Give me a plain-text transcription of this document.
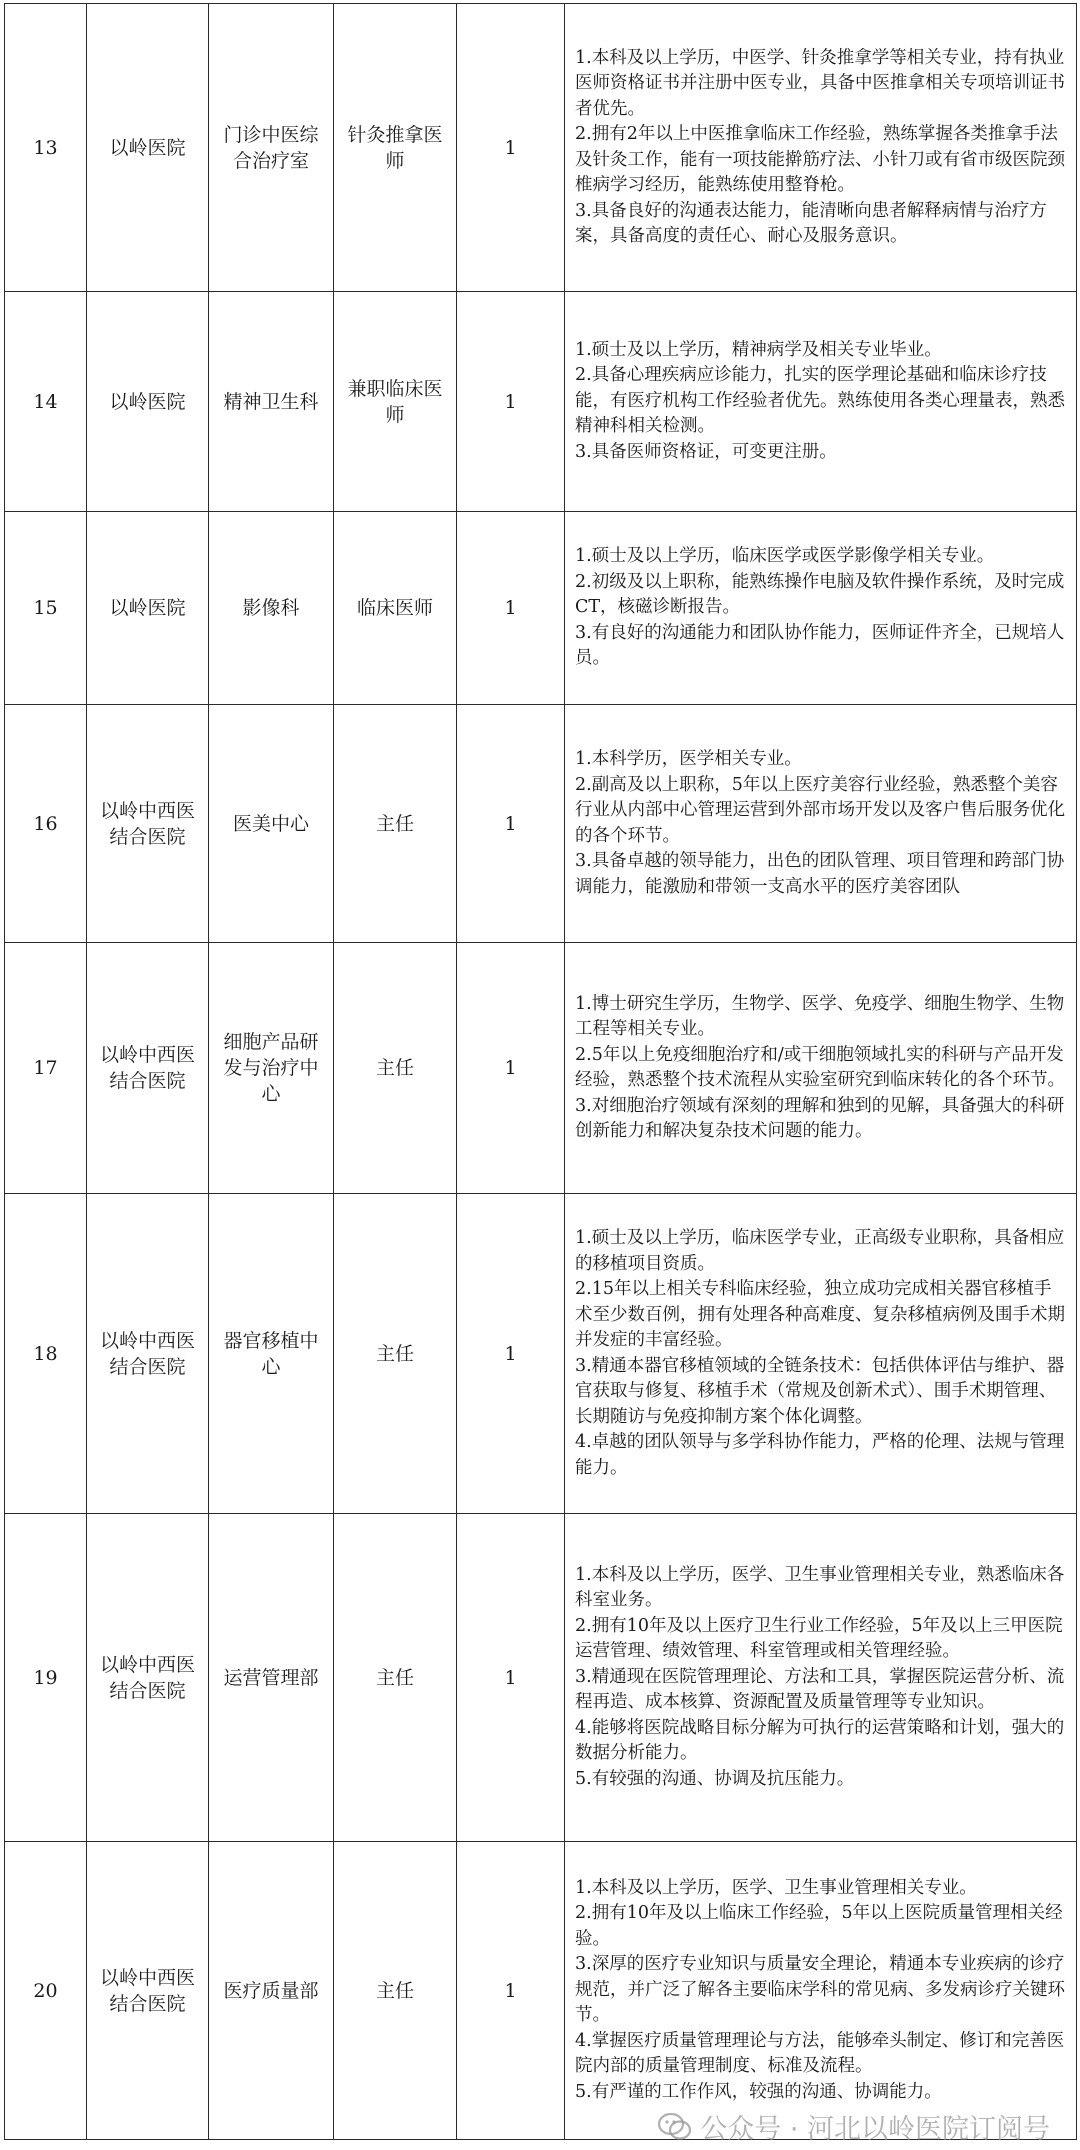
13	以岭医院	门诊中医综合治疗室	针灸推拿医师	1	1.本科及以上学历，中医学、针灸推拿学等相关专业，持有执业医师资格证书并注册中医专业，具备中医推拿相关专项培训证书者优先。
2.拥有2年以上中医推拿临床工作经验，熟练掌握各类推拿手法及针灸工作，能有一项技能擀筋疗法、小针刀或有省市级医院颈椎病学习经历，能熟练使用整脊枪。
3.具备良好的沟通表达能力，能清晰向患者解释病情与治疗方案，具备高度的责任心、耐心及服务意识。

14	以岭医院	精神卫生科	兼职临床医师	1	1.硕士及以上学历，精神病学及相关专业毕业。
2.具备心理疾病应诊能力，扎实的医学理论基础和临床诊疗技能，有医疗机构工作经验者优先。熟练使用各类心理量表，熟悉精神科相关检测。
3.具备医师资格证，可变更注册。

15	以岭医院	影像科	临床医师	1	1.硕士及以上学历，临床医学或医学影像学相关专业。
2.初级及以上职称，能熟练操作电脑及软件操作系统，及时完成CT，核磁诊断报告。
3.有良好的沟通能力和团队协作能力，医师证件齐全，已规培人员。

16	以岭中西医结合医院	医美中心	主任	1	1.本科学历，医学相关专业。
2.副高及以上职称，5年以上医疗美容行业经验，熟悉整个美容行业从内部中心管理运营到外部市场开发以及客户售后服务优化的各个环节。
3.具备卓越的领导能力，出色的团队管理、项目管理和跨部门协调能力，能激励和带领一支高水平的医疗美容团队

17	以岭中西医结合医院	细胞产品研发与治疗中心	主任	1	1.博士研究生学历，生物学、医学、免疫学、细胞生物学、生物工程等相关专业。
2.5年以上免疫细胞治疗和/或干细胞领域扎实的科研与产品开发经验，熟悉整个技术流程从实验室研究到临床转化的各个环节。
3.对细胞治疗领域有深刻的理解和独到的见解，具备强大的科研创新能力和解决复杂技术问题的能力。

18	以岭中西医结合医院	器官移植中心	主任	1	1.硕士及以上学历，临床医学专业，正高级专业职称，具备相应的移植项目资质。
2.15年以上相关专科临床经验，独立成功完成相关器官移植手术至少数百例，拥有处理各种高难度、复杂移植病例及围手术期并发症的丰富经验。
3.精通本器官移植领域的全链条技术：包括供体评估与维护、器官获取与修复、移植手术（常规及创新术式）、围手术期管理、长期随访与免疫抑制方案个体化调整。
4.卓越的团队领导与多学科协作能力，严格的伦理、法规与管理能力。

19	以岭中西医结合医院	运营管理部	主任	1	1.本科及以上学历，医学、卫生事业管理相关专业，熟悉临床各科室业务。
2.拥有10年及以上医疗卫生行业工作经验，5年及以上三甲医院运营管理、绩效管理、科室管理或相关管理经验。
3.精通现在医院管理理论、方法和工具，掌握医院运营分析、流程再造、成本核算、资源配置及质量管理等专业知识。
4.能够将医院战略目标分解为可执行的运营策略和计划，强大的数据分析能力。
5.有较强的沟通、协调及抗压能力。

20	以岭中西医结合医院	医疗质量部	主任	1	1.本科及以上学历，医学、卫生事业管理相关专业。
2.拥有10年及以上临床工作经验，5年以上医院质量管理相关经验。
3.深厚的医疗专业知识与质量安全理论，精通本专业疾病的诊疗规范，并广泛了解各主要临床学科的常见病、多发病诊疗关键环节。
4.掌握医疗质量管理理论与方法，能够牵头制定、修订和完善医院内部的质量管理制度、标准及流程。
5.有严谨的工作作风，较强的沟通、协调能力。
公众号 · 河北以岭医院订阅号
